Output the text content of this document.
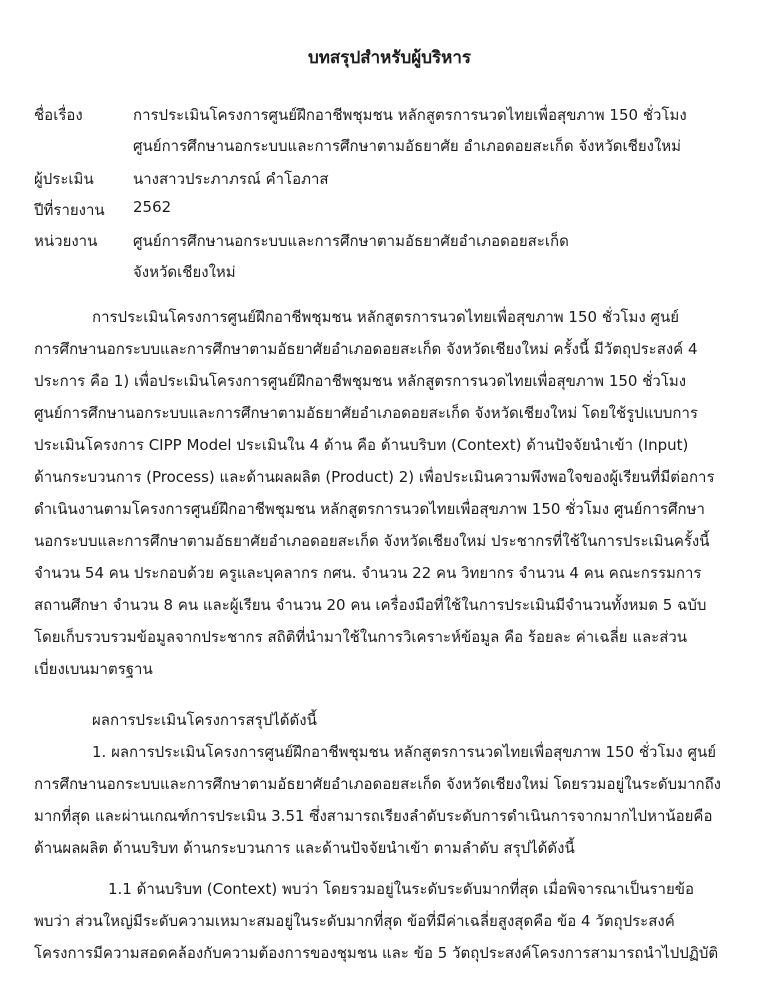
บทสรุปสำหรับผู้บริหาร
ชื่อเรื่อง	การประเมินโครงการศูนย์ฝึกอาชีพชุมชน หลักสูตรการนวดไทยเพื่อสุขภาพ 150 ชั่วโมง
ศูนย์การศึกษานอกระบบและการศึกษาตามอัธยาศัย อำเภอดอยสะเก็ด จังหวัดเชียงใหม่
ผู้ประเมิน	นางสาวประภาภรณ์ คำโอภาส
ปีที่รายงาน 2562
หน่วยงาน ศูนย์การศึกษานอกระบบและการศึกษาตามอัธยาศัยอำเภอดอยสะเก็ด
จังหวัดเชียงใหม่
การประเมินโครงการศูนย์ฝึกอาชีพชุมชน หลักสูตรการนวดไทยเพื่อสุขภาพ 150 ชั่วโมง ศูนย์
การศึกษานอกระบบและการศึกษาตามอัธยาศัยอำเภอดอยสะเก็ด จังหวัดเชียงใหม่ ครั้งนี้ มีวัตถุประสงค์ 4
ประการ คือ 1) เพื่อประเมินโครงการศูนย์ฝึกอาชีพชุมชน หลักสูตรการนวดไทยเพื่อสุขภาพ 150 ชั่วโมง
ศูนย์การศึกษานอกระบบและการศึกษาตามอัธยาศัยอำเภอดอยสะเก็ด จังหวัดเชียงใหม่ โดยใช้รูปแบบการ
ประเมินโครงการ CIPP Model ประเมินใน 4 ด้าน คือ ด้านบริบท (Context) ด้านปัจจัยนำเข้า (Input)
ด้านกระบวนการ (Process) และด้านผลผลิต (Product) 2) เพื่อประเมินความพึงพอใจของผู้เรียนที่มีต่อการ
ดำเนินงานตามโครงการศูนย์ฝึกอาชีพชุมชน หลักสูตรการนวดไทยเพื่อสุขภาพ 150 ชั่วโมง ศูนย์การศึกษา
นอกระบบและการศึกษาตามอัธยาศัยอำเภอดอยสะเก็ด จังหวัดเชียงใหม่ ประชากรที่ใช้ในการประเมินครั้งนี้
จำนวน 54 คน ประกอบด้วย ครูและบุคลากร กศน. จำนวน 22 คน วิทยากร จำนวน 4 คน คณะกรรมการ
สถานศึกษา จำนวน 8 คน และผู้เรียน จำนวน 20 คน เครื่องมือที่ใช้ในการประเมินมีจำนวนทั้งหมด 5 ฉบับ
โดยเก็บรวบรวมข้อมูลจากประชากร สถิติที่นำมาใช้ในการวิเคราะห์ข้อมูล คือ ร้อยละ ค่าเฉลี่ย และส่วน
เบี่ยงเบนมาตรฐาน
ผลการประเมินโครงการสรุปได้ดังนี้
1. ผลการประเมินโครงการศูนย์ฝึกอาชีพชุมชน หลักสูตรการนวดไทยเพื่อสุขภาพ 150 ชั่วโมง ศูนย์
การศึกษานอกระบบและการศึกษาตามอัธยาศัยอำเภอดอยสะเก็ด จังหวัดเชียงใหม่ โดยรวมอยู่ในระดับมากถึง
มากที่สุด และผ่านเกณฑ์การประเมิน 3.51 ซึ่งสามารถเรียงลำดับระดับการดำเนินการจากมากไปหาน้อยคือ
ด้านผลผลิต ด้านบริบท ด้านกระบวนการ และด้านปัจจัยนำเข้า ตามลำดับ สรุปได้ดังนี้
1.1 ด้านบริบท (Context) พบว่า โดยรวมอยู่ในระดับระดับมากที่สุด เมื่อพิจารณาเป็นรายข้อ
พบว่า ส่วนใหญ่มีระดับความเหมาะสมอยู่ในระดับมากที่สุด ข้อที่มีค่าเฉลี่ยสูงสุดคือ ข้อ 4 วัตถุประสงค์
โครงการมีความสอดคล้องกับความต้องการของชุมชน และ ข้อ 5 วัตถุประสงค์โครงการสามารถนำไปปฏิบัติ
